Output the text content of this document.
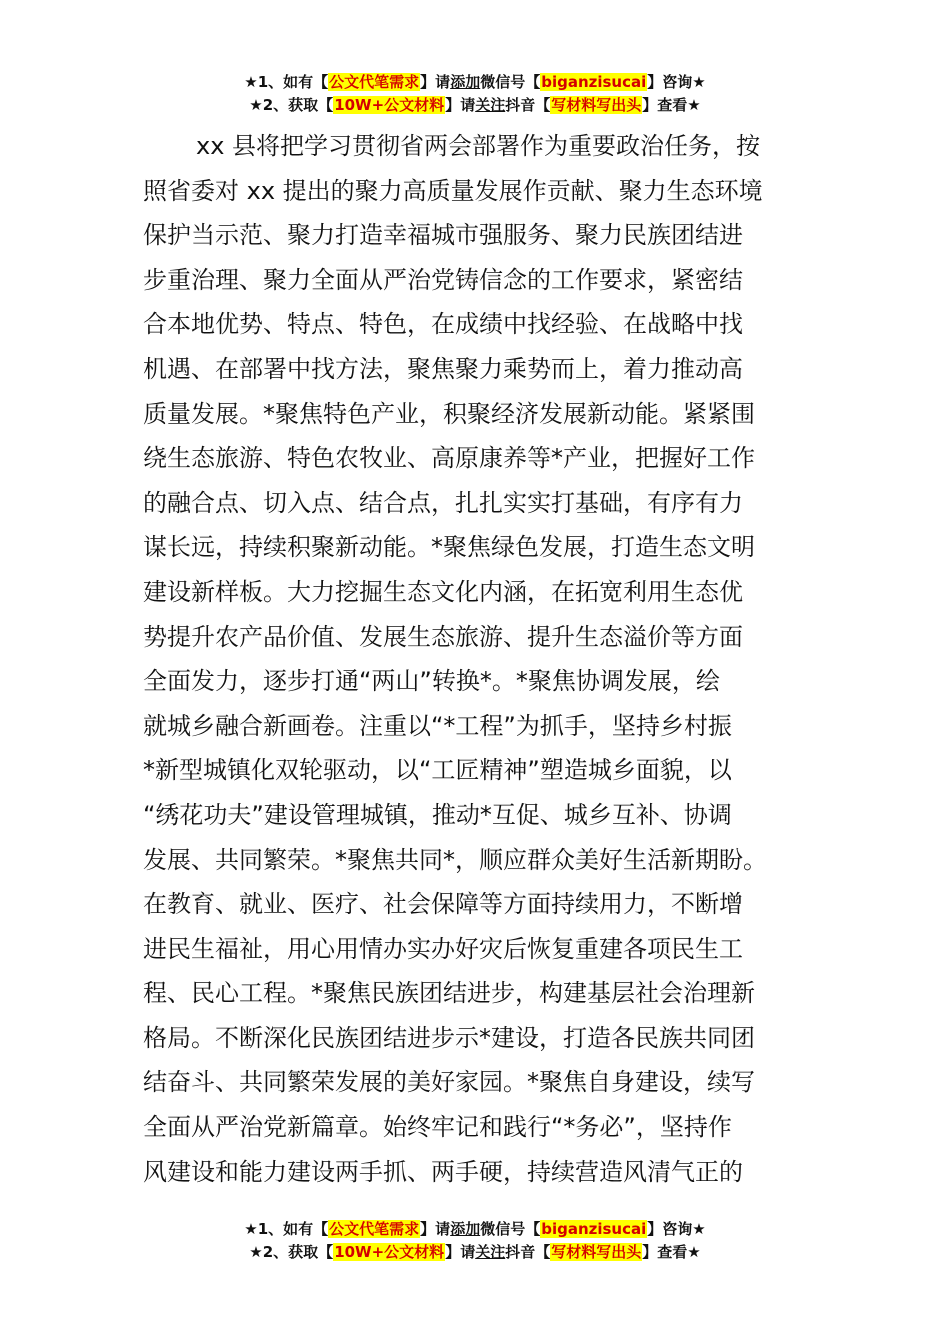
★1、如有【公文代笔需求】请添加微信号【biganzisucai】咨询★
★2、获取【10W+公文材料】请关注抖音【写材料写出头】查看★
xx 县将把学习贯彻省两会部署作为重要政治任务，按
照省委对 xx 提出的聚力高质量发展作贡献、聚力生态环境
保护当示范、聚力打造幸福城市强服务、聚力民族团结进
步重治理、聚力全面从严治党铸信念的工作要求，紧密结
合本地优势、特点、特色，在成绩中找经验、在战略中找
机遇、在部署中找方法，聚焦聚力乘势而上，着力推动高
质量发展。*聚焦特色产业，积聚经济发展新动能。紧紧围
绕生态旅游、特色农牧业、高原康养等*产业，把握好工作
的融合点、切入点、结合点，扎扎实实打基础，有序有力
谋长远，持续积聚新动能。*聚焦绿色发展，打造生态文明
建设新样板。大力挖掘生态文化内涵，在拓宽利用生态优
势提升农产品价值、发展生态旅游、提升生态溢价等方面
全面发力，逐步打通“两山”转换*。*聚焦协调发展，绘
就城乡融合新画卷。注重以“*工程”为抓手，坚持乡村振
*新型城镇化双轮驱动，以“工匠精神”塑造城乡面貌，以
“绣花功夫”建设管理城镇，推动*互促、城乡互补、协调
发展、共同繁荣。*聚焦共同*，顺应群众美好生活新期盼。
在教育、就业、医疗、社会保障等方面持续用力，不断增
进民生福祉，用心用情办实办好灾后恢复重建各项民生工
程、民心工程。*聚焦民族团结进步，构建基层社会治理新
格局。不断深化民族团结进步示*建设，打造各民族共同团
结奋斗、共同繁荣发展的美好家园。*聚焦自身建设，续写
全面从严治党新篇章。始终牢记和践行“*务必”，坚持作
风建设和能力建设两手抓、两手硬，持续营造风清气正的
★1、如有【公文代笔需求】请添加微信号【biganzisucai】咨询★
★2、获取【10W+公文材料】请关注抖音【写材料写出头】查看★
